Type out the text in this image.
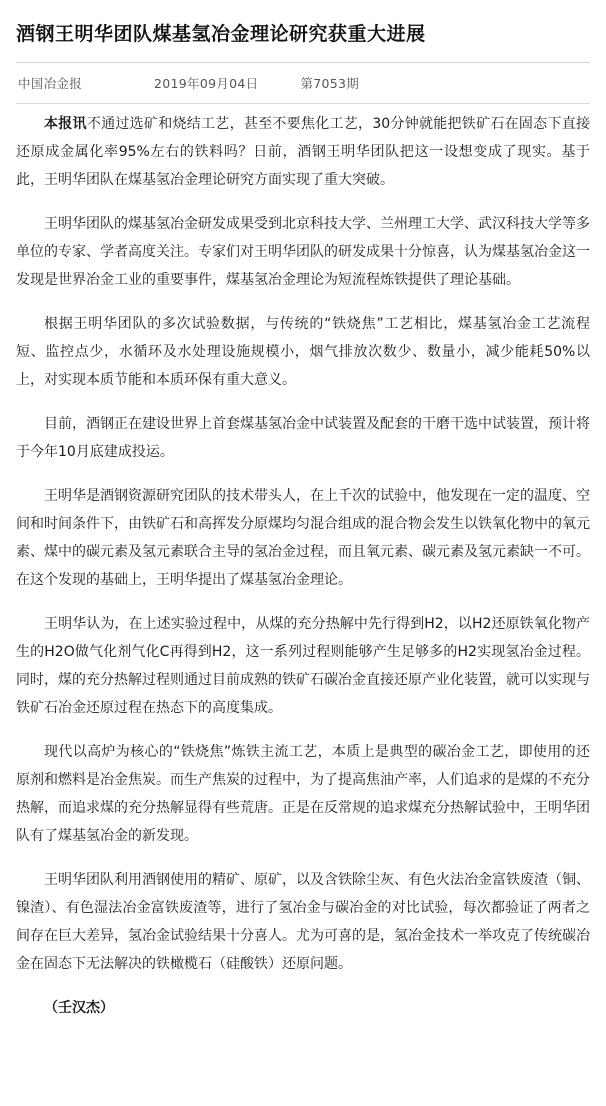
酒钢王明华团队煤基氢冶金理论研究获重大进展
中国冶金报	2019年09月04日	第7053期

本报讯不通过选矿和烧结工艺，甚至不要焦化工艺，30分钟就能把铁矿石在固态下直接还原成金属化率95%左右的铁料吗？日前，酒钢王明华团队把这一设想变成了现实。基于此，王明华团队在煤基氢冶金理论研究方面实现了重大突破。

王明华团队的煤基氢冶金研发成果受到北京科技大学、兰州理工大学、武汉科技大学等多单位的专家、学者高度关注。专家们对王明华团队的研发成果十分惊喜，认为煤基氢冶金这一发现是世界冶金工业的重要事件，煤基氢冶金理论为短流程炼铁提供了理论基础。

根据王明华团队的多次试验数据，与传统的“铁烧焦”工艺相比，煤基氢冶金工艺流程短、监控点少，水循环及水处理设施规模小，烟气排放次数少、数量小，减少能耗50%以上，对实现本质节能和本质环保有重大意义。

目前，酒钢正在建设世界上首套煤基氢冶金中试装置及配套的干磨干选中试装置，预计将于今年10月底建成投运。

王明华是酒钢资源研究团队的技术带头人，在上千次的试验中，他发现在一定的温度、空间和时间条件下，由铁矿石和高挥发分原煤均匀混合组成的混合物会发生以铁氧化物中的氧元素、煤中的碳元素及氢元素联合主导的氢冶金过程，而且氧元素、碳元素及氢元素缺一不可。在这个发现的基础上，王明华提出了煤基氢冶金理论。

王明华认为，在上述实验过程中，从煤的充分热解中先行得到H2，以H2还原铁氧化物产生的H2O做气化剂气化C再得到H2，这一系列过程则能够产生足够多的H2实现氢冶金过程。同时，煤的充分热解过程则通过目前成熟的铁矿石碳冶金直接还原产业化装置，就可以实现与铁矿石冶金还原过程在热态下的高度集成。

现代以高炉为核心的“铁烧焦”炼铁主流工艺，本质上是典型的碳冶金工艺，即使用的还原剂和燃料是冶金焦炭。而生产焦炭的过程中，为了提高焦油产率，人们追求的是煤的不充分热解，而追求煤的充分热解显得有些荒唐。正是在反常规的追求煤充分热解试验中，王明华团队有了煤基氢冶金的新发现。

王明华团队利用酒钢使用的精矿、原矿，以及含铁除尘灰、有色火法冶金富铁废渣（铜、镍渣）、有色湿法冶金富铁废渣等，进行了氢冶金与碳冶金的对比试验，每次都验证了两者之间存在巨大差异，氢冶金试验结果十分喜人。尤为可喜的是，氢冶金技术一举攻克了传统碳冶金在固态下无法解决的铁橄榄石（硅酸铁）还原问题。

（壬汉杰）
